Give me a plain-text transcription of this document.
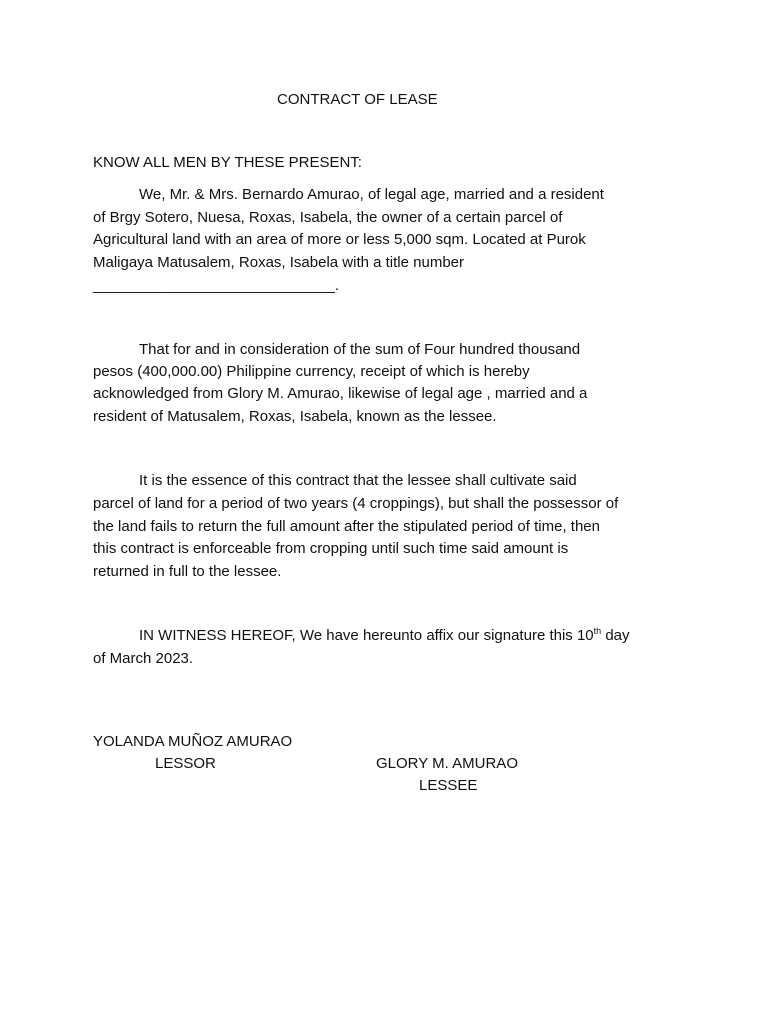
CONTRACT OF LEASE
KNOW ALL MEN BY THESE PRESENT:
We, Mr. & Mrs. Bernardo Amurao, of legal age, married and a resident
of Brgy Sotero, Nuesa, Roxas, Isabela, the owner of a certain parcel of
Agricultural land with an area of more or less 5,000 sqm. Located at Purok
Maligaya Matusalem, Roxas, Isabela with a title number
_____________________________.
That for and in consideration of the sum of Four hundred thousand
pesos (400,000.00) Philippine currency, receipt of which is hereby
acknowledged from Glory M. Amurao, likewise of legal age , married and a
resident of Matusalem, Roxas, Isabela, known as the lessee.
It is the essence of this contract that the lessee shall cultivate said
parcel of land for a period of two years (4 croppings), but shall the possessor of
the land fails to return the full amount after the stipulated period of time, then
this contract is enforceable from cropping until such time said amount is
returned in full to the lessee.
IN WITNESS HEREOF, We have hereunto affix our signature this 10th day
of March 2023.
YOLANDA MUÑOZ AMURAO
LESSOR	GLORY M. AMURAO
LESSEE
